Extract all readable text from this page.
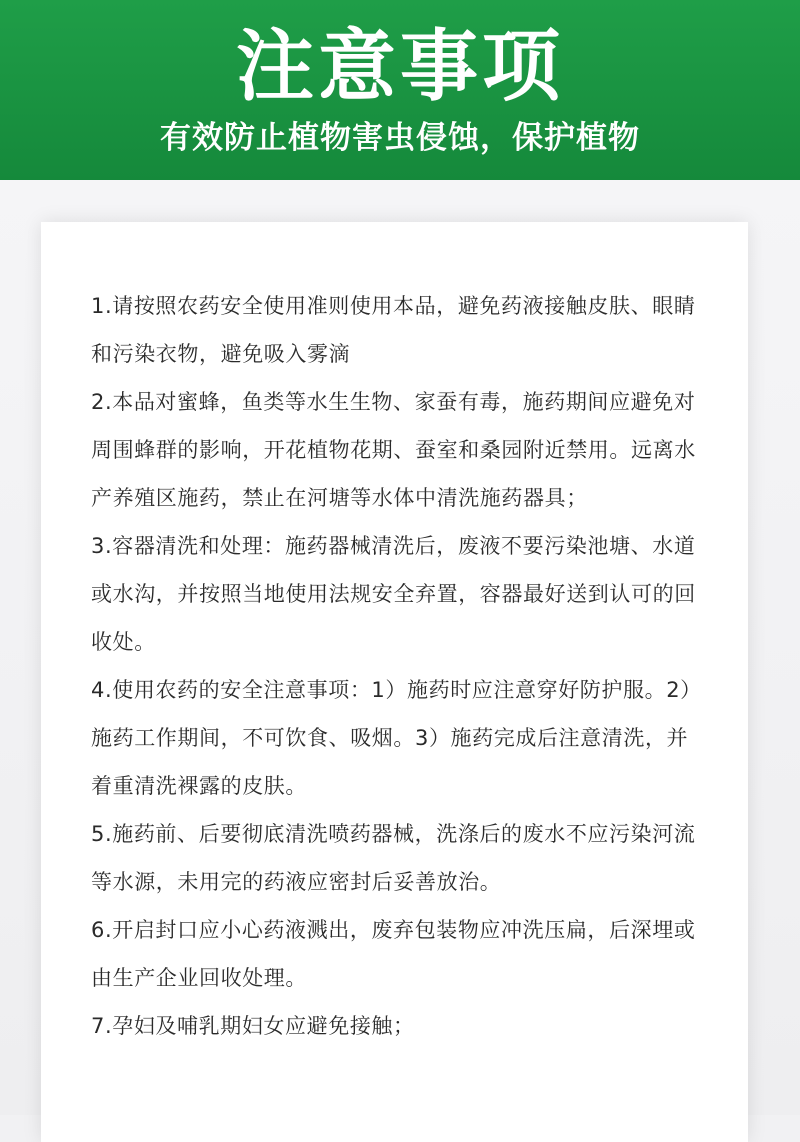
注意事项
有效防止植物害虫侵蚀，保护植物
1.请按照农药安全使用准则使用本品，避免药液接触皮肤、眼睛和污染衣物，避免吸入雾滴
2.本品对蜜蜂，鱼类等水生生物、家蚕有毒，施药期间应避免对周围蜂群的影响，开花植物花期、蚕室和桑园附近禁用。远离水产养殖区施药，禁止在河塘等水体中清洗施药器具；
3.容器清洗和处理：施药器械清洗后，废液不要污染池塘、水道或水沟，并按照当地使用法规安全弃置，容器最好送到认可的回收处。
4.使用农药的安全注意事项：1）施药时应注意穿好防护服。2）施药工作期间，不可饮食、吸烟。3）施药完成后注意清洗，并着重清洗裸露的皮肤。
5.施药前、后要彻底清洗喷药器械，洗涤后的废水不应污染河流等水源，未用完的药液应密封后妥善放治。
6.开启封口应小心药液溅出，废弃包装物应冲洗压扁，后深埋或由生产企业回收处理。
7.孕妇及哺乳期妇女应避免接触；
